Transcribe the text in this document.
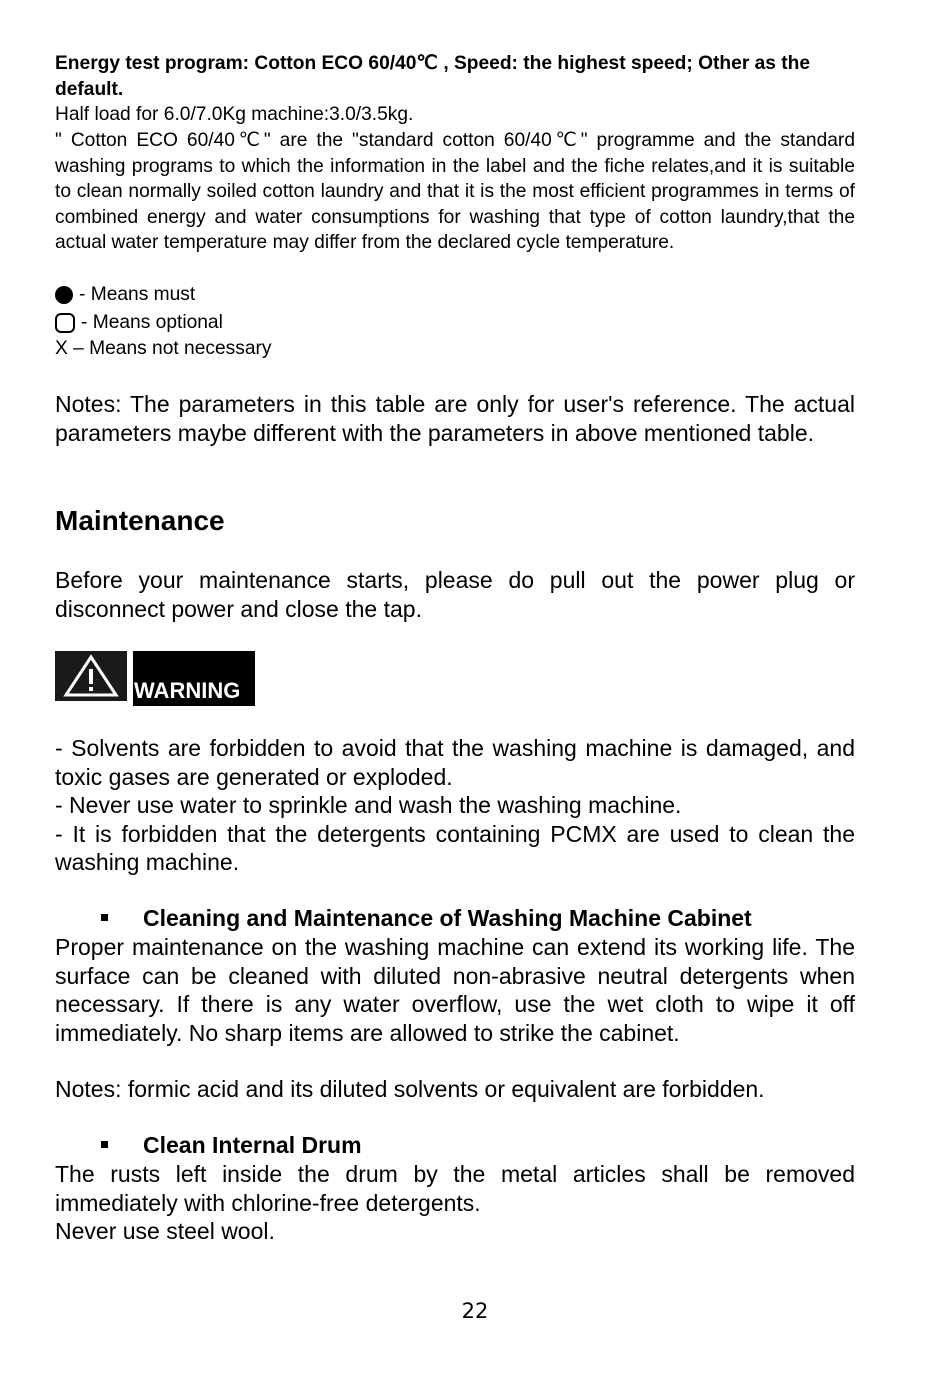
Energy test program: Cotton ECO 60/40℃ , Speed: the highest speed; Other as the default.
Half load for 6.0/7.0Kg machine:3.0/3.5kg.
" Cotton ECO 60/40℃" are the "standard cotton 60/40℃" programme and the standard washing programs to which the information in the label and the fiche relates,and it is suitable to clean normally soiled cotton laundry and that it is the most efficient programmes in terms of combined energy and water consumptions for washing that type of cotton laundry,that the actual water temperature may differ from the declared cycle temperature.
- Means must
- Means optional
X – Means not necessary
Notes: The parameters in this table are only for user's reference. The actual parameters maybe different with the parameters in above mentioned table.
Maintenance
Before your maintenance starts, please do pull out the power plug or disconnect power and close the tap.
WARNING

- Solvents are forbidden to avoid that the washing machine is damaged, and toxic gases are generated or exploded.

- Never use water to sprinkle and wash the washing machine.

- It is forbidden that the detergents containing PCMX are used to clean the washing machine.

Cleaning and Maintenance of Washing Machine Cabinet
Proper maintenance on the washing machine can extend its working life. The surface can be cleaned with diluted non-abrasive neutral detergents when necessary. If there is any water overflow, use the wet cloth to wipe it off immediately. No sharp items are allowed to strike the cabinet.
Notes: formic acid and its diluted solvents or equivalent are forbidden.
Clean Internal Drum

The rusts left inside the drum by the metal articles shall be removed immediately with chlorine-free detergents.

Never use steel wool.

22
